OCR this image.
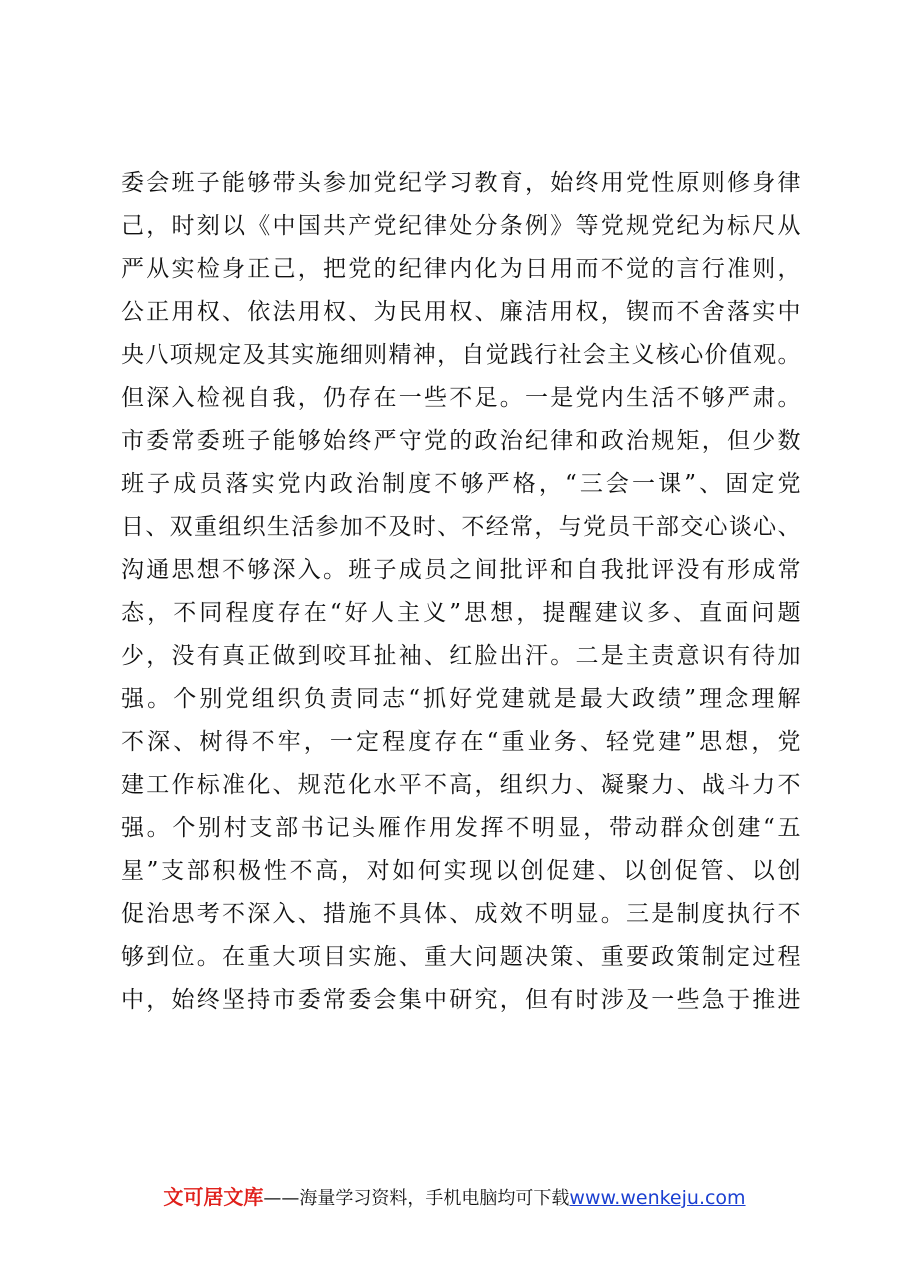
委会班子能够带头参加党纪学习教育，始终用党性原则修身律
己，时刻以《中国共产党纪律处分条例》等党规党纪为标尺从
严从实检身正己，把党的纪律内化为日用而不觉的言行准则，
公正用权、依法用权、为民用权、廉洁用权，锲而不舍落实中
央八项规定及其实施细则精神，自觉践行社会主义核心价值观。
但深入检视自我，仍存在一些不足。一是党内生活不够严肃。
市委常委班子能够始终严守党的政治纪律和政治规矩，但少数
班子成员落实党内政治制度不够严格，“三会一课”、固定党
日、双重组织生活参加不及时、不经常，与党员干部交心谈心、
沟通思想不够深入。班子成员之间批评和自我批评没有形成常
态，不同程度存在“好人主义”思想，提醒建议多、直面问题
少，没有真正做到咬耳扯袖、红脸出汗。二是主责意识有待加
强。个别党组织负责同志“抓好党建就是最大政绩”理念理解
不深、树得不牢，一定程度存在“重业务、轻党建”思想，党
建工作标准化、规范化水平不高，组织力、凝聚力、战斗力不
强。个别村支部书记头雁作用发挥不明显，带动群众创建“五
星”支部积极性不高，对如何实现以创促建、以创促管、以创
促治思考不深入、措施不具体、成效不明显。三是制度执行不
够到位。在重大项目实施、重大问题决策、重要政策制定过程
中，始终坚持市委常委会集中研究，但有时涉及一些急于推进
文可居文库——海量学习资料，手机电脑均可下载www.wenkeju.com
